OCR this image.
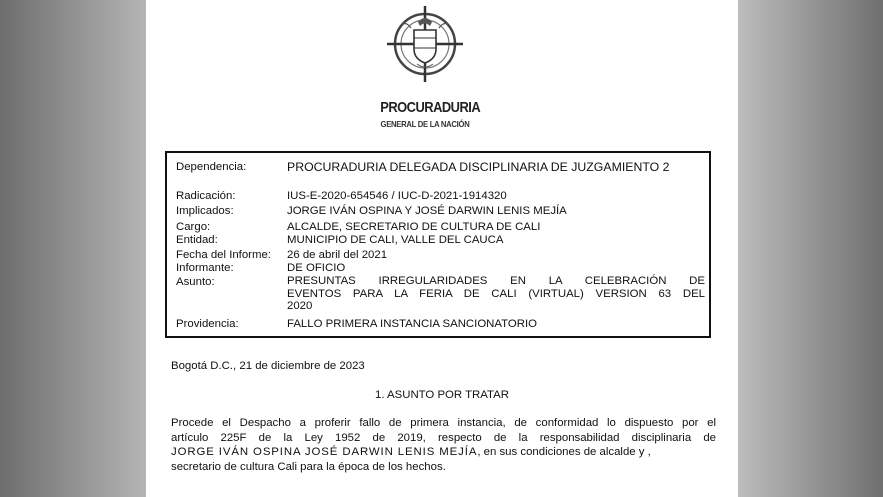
PROCURADURIA
GENERAL DE LA NACIÓN
Dependencia:	PROCURADURIA DELEGADA DISCIPLINARIA DE JUZGAMIENTO 2
Radicación:	IUS-E-2020-654546 / IUC-D-2021-1914320
Implicados:	JORGE IVÁN OSPINA Y JOSÉ DARWIN LENIS MEJÍA
Cargo:	ALCALDE, SECRETARIO DE CULTURA DE CALI
Entidad:	MUNICIPIO DE CALI, VALLE DEL CAUCA
Fecha del Informe: 26 de abril del 2021
Informante:	DE OFICIO
Asunto:	PRESUNTAS IRREGULARIDADES EN LA CELEBRACIÓN DE
EVENTOS PARA LA FERIA DE CALI (VIRTUAL) VERSION 63 DEL
2020
Providencia:	FALLO PRIMERA INSTANCIA SANCIONATORIO
Bogotá D.C., 21 de diciembre de 2023
1. ASUNTO POR TRATAR
Procede el Despacho a proferir fallo de primera instancia, de conformidad lo dispuesto por el
artículo 225F de la Ley 1952 de 2019, respecto de la responsabilidad disciplinaria de
JORGE IVÁN OSPINA JOSÉ DARWIN LENIS MEJÍA, en sus condiciones de alcalde y ,
secretario de cultura Cali para la época de los hechos.
